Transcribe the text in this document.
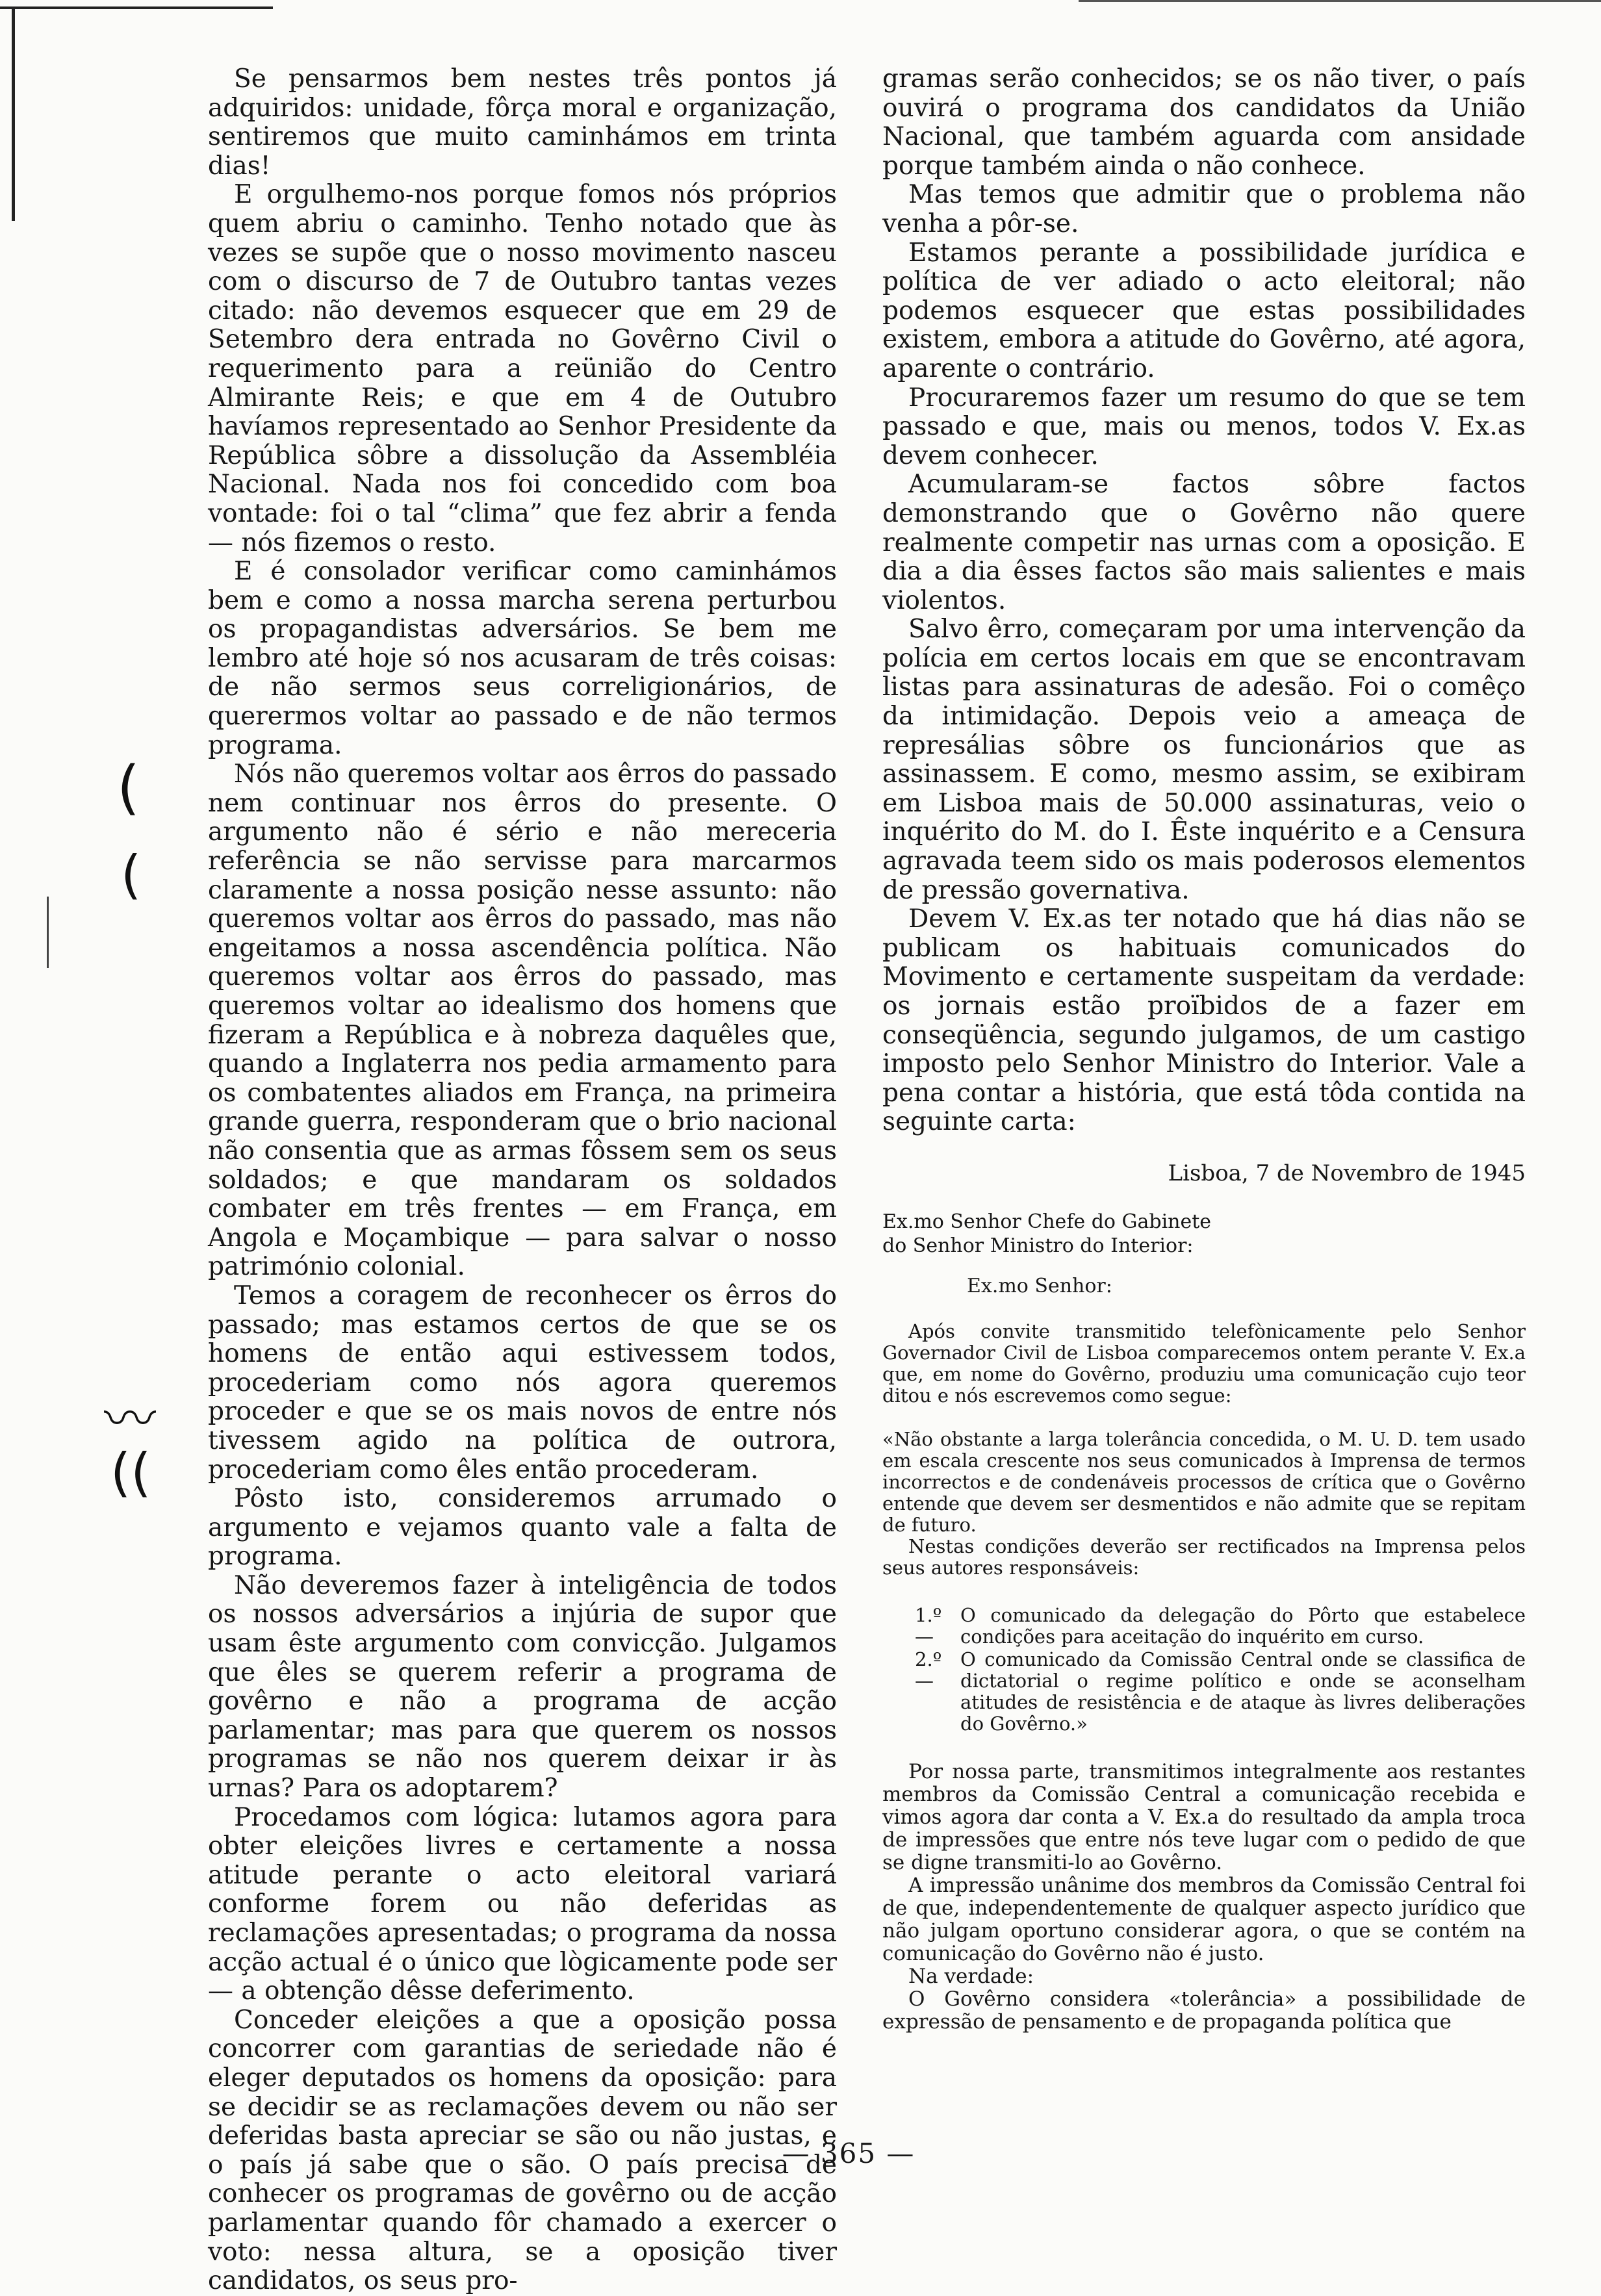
(
(
〰
((

Se pensarmos bem nestes três pontos já adquiridos: unidade, fôrça moral e organização, sentiremos que muito caminhámos em trinta dias!

E orgulhemo-nos porque fomos nós próprios quem abriu o caminho. Tenho notado que às vezes se supõe que o nosso movimento nasceu com o discurso de 7 de Outubro tantas vezes citado: não devemos esquecer que em 29 de Setembro dera entrada no Govêrno Civil o requerimento para a reünião do Centro Almirante Reis; e que em 4 de Outubro havíamos representado ao Senhor Presidente da República sôbre a dissolução da Assembléia Nacional. Nada nos foi concedido com boa vontade: foi o tal “clima” que fez abrir a fenda — nós fizemos o resto.

E é consolador verificar como caminhámos bem e como a nossa marcha serena perturbou os propagandistas adversários. Se bem me lembro até hoje só nos acusaram de três coisas: de não sermos seus correligionários, de querermos voltar ao passado e de não termos programa.

Nós não queremos voltar aos êrros do passado nem continuar nos êrros do presente. O argumento não é sério e não mereceria referência se não servisse para marcarmos claramente a nossa posição nesse assunto: não queremos voltar aos êrros do passado, mas não engeitamos a nossa ascendência política. Não queremos voltar aos êrros do passado, mas queremos voltar ao idealismo dos homens que fizeram a República e à nobreza daquêles que, quando a Inglaterra nos pedia armamento para os combatentes aliados em França, na primeira grande guerra, responderam que o brio nacional não consentia que as armas fôssem sem os seus soldados; e que mandaram os soldados combater em três frentes — em França, em Angola e Moçambique — para salvar o nosso património colonial.

Temos a coragem de reconhecer os êrros do passado; mas estamos certos de que se os homens de então aqui estivessem todos, procederiam como nós agora queremos proceder e que se os mais novos de entre nós tivessem agido na política de outrora, procederiam como êles então procederam.

Pôsto isto, consideremos arrumado o argumento e vejamos quanto vale a falta de programa.

Não deveremos fazer à inteligência de todos os nossos adversários a injúria de supor que usam êste argumento com convicção. Julgamos que êles se querem referir a programa de govêrno e não a programa de acção parlamentar; mas para que querem os nossos programas se não nos querem deixar ir às urnas? Para os adoptarem?

Procedamos com lógica: lutamos agora para obter eleições livres e certamente a nossa atitude perante o acto eleitoral variará conforme forem ou não deferidas as reclamações apresentadas; o programa da nossa acção actual é o único que lògicamente pode ser — a obtenção dêsse deferimento.

Conceder eleições a que a oposição possa concorrer com garantias de seriedade não é eleger deputados os homens da oposição: para se decidir se as reclamações devem ou não ser deferidas basta apreciar se são ou não justas, e o país já sabe que o são. O país precisa de conhecer os programas de govêrno ou de acção parlamentar quando fôr chamado a exercer o voto: nessa altura, se a oposição tiver candidatos, os seus pro-

gramas serão conhecidos; se os não tiver, o país ouvirá o programa dos candidatos da União Nacional, que também aguarda com ansidade porque também ainda o não conhece.

Mas temos que admitir que o problema não venha a pôr-se.

Estamos perante a possibilidade jurídica e política de ver adiado o acto eleitoral; não podemos esquecer que estas possibilidades existem, embora a atitude do Govêrno, até agora, aparente o contrário.

Procuraremos fazer um resumo do que se tem passado e que, mais ou menos, todos V. Ex.as devem conhecer.

Acumularam-se factos sôbre factos demonstrando que o Govêrno não quere realmente competir nas urnas com a oposição. E dia a dia êsses factos são mais salientes e mais violentos.

Salvo êrro, começaram por uma intervenção da polícia em certos locais em que se encontravam listas para assinaturas de adesão. Foi o comêço da intimidação. Depois veio a ameaça de represálias sôbre os funcionários que as assinassem. E como, mesmo assim, se exibiram em Lisboa mais de 50.000 assinaturas, veio o inquérito do M. do I. Êste inquérito e a Censura agravada teem sido os mais poderosos elementos de pressão governativa.

Devem V. Ex.as ter notado que há dias não se publicam os habituais comunicados do Movimento e certamente suspeitam da verdade: os jornais estão proïbidos de a fazer em conseqüência, segundo julgamos, de um castigo imposto pelo Senhor Ministro do Interior. Vale a pena contar a história, que está tôda contida na seguinte carta:

Lisboa, 7 de Novembro de 1945
Ex.mo Senhor Chefe do Gabinete
do Senhor Ministro do Interior:
Ex.mo Senhor:

Após convite transmitido telefònicamente pelo Senhor Governador Civil de Lisboa comparecemos ontem perante V. Ex.a que, em nome do Govêrno, produziu uma comunicação cujo teor ditou e nós escrevemos como segue:

«Não obstante a larga tolerância concedida, o M. U. D. tem usado em escala crescente nos seus comunicados à Imprensa de termos incorrectos e de condenáveis processos de crítica que o Govêrno entende que devem ser desmentidos e não admite que se repitam de futuro.

Nestas condições deverão ser rectificados na Imprensa pelos seus autores responsáveis:

1.º —
O comunicado da delegação do Pôrto que estabelece condições para aceitação do inquérito em curso.
2.º —
O comunicado da Comissão Central onde se classifica de dictatorial o regime político e onde se aconselham atitudes de resistência e de ataque às livres deliberações do Govêrno.»

Por nossa parte, transmitimos integralmente aos restantes membros da Comissão Central a comunicação recebida e vimos agora dar conta a V. Ex.a do resultado da ampla troca de impressões que entre nós teve lugar com o pedido de que se digne transmiti-lo ao Govêrno.

A impressão unânime dos membros da Comissão Central foi de que, independentemente de qualquer aspecto jurídico que não julgam oportuno considerar agora, o que se contém na comunicação do Govêrno não é justo.

Na verdade:

O Govêrno considera «tolerância» a possibilidade de expressão de pensamento e de propaganda política que

— 365 —
